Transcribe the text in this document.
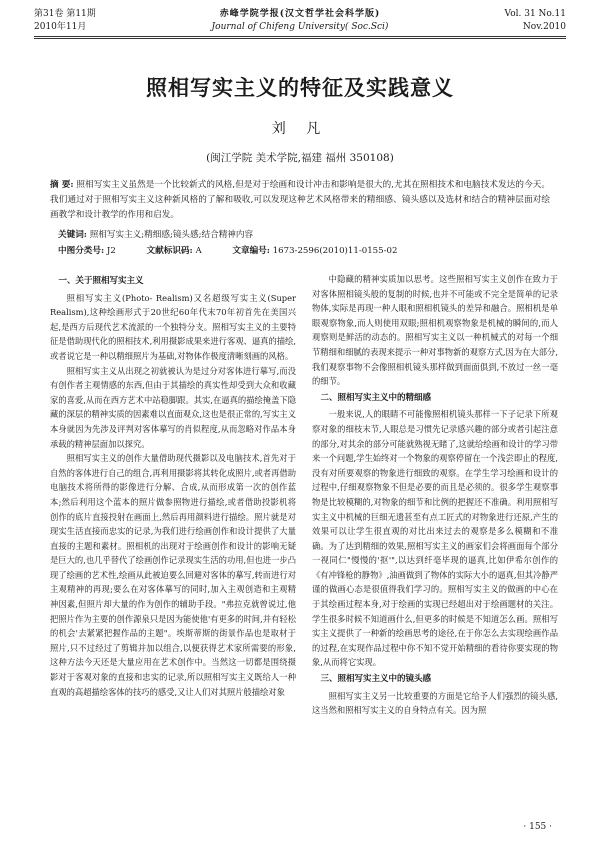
第31卷 第11期
2010年11月
赤峰学院学报(汉文哲学社会科学版)
Journal of Chifeng University( Soc.Sci)
Vol. 31 No.11
Nov.2010
照相写实主义的特征及实践意义
刘 凡
(闽江学院 美术学院,福建 福州 350108)
摘 要: 照相写实主义虽然是一个比较新式的风格,但是对于绘画和设计冲击和影响是很大的,尤其在照相技术和电脑技术发达的今天。我们通过对于照相写实主义这种新风格的了解和吸收,可以发现这种艺术风格带来的精细感、镜头感以及选材和结合的精神层面对绘画教学和设计教学的作用和启发。
关键词: 照相写实主义;精细感;镜头感;结合精神内容
中图分类号: J2	文献标识码: A	文章编号: 1673-2596(2010)11-0155-02
一、关于照相写实主义

照相写实主义(Photo- Realism)又名超级写实主义(Super Realism),这种绘画形式于20世纪60年代末70年初首先在美国兴起,是西方后现代艺术流派的一个独特分支。照相写实主义的主要特征是借助现代化的照相技术,利用摄影成果来进行客观、逼真的描绘,或者说它是一种以精细照片为基础,对物体作极度清晰刻画的风格。

照相写实主义从出现之初就被认为是过分对客体进行摹写,而没有创作者主观情感的东西,但由于其描绘的真实性却受到大众和收藏家的喜爱,从而在西方艺术中站稳脚跟。其实,在逼真的描绘掩盖下隐藏的深层的精神实质的因素难以直面观众,这也是很正常的,写实主义本身就因为先涉及评判对客体摹写的肖似程度,从而忽略对作品本身承载的精神层面加以探究。

照相写实主义的创作大量借助现代摄影以及电脑技术,首先对于自然的客体进行自己的组合,再利用摄影将其转化成照片,或者再借助电脑技术将所得的影像进行分解、合成,从而形成第一次的创作蓝本;然后利用这个蓝本的照片做参照物进行描绘,或者借助投影机将创作的底片直接投射在画面上,然后再用颜料进行描绘。照片就是对现实生活直接而忠实的记录,为我们进行绘画创作和设计提供了大量直接的主题和素材。照相机的出现对于绘画创作和设计的影响无疑是巨大的,也几乎替代了绘画创作记录现实生活的功用,但也进一步凸现了绘画的艺术性,绘画从此被迫要么回避对客体的摹写,转而进行对主观精神的再现;要么在对客体摹写的同时,加入主观创造和主观精神因素,但照片却大量的作为创作的辅助手段。"弗拉克就曾说过,他把照片作为主要的创作源泉只是因为能使他'有更多的时间,并有轻松的机会'去紧紧把握作品的主题"。埃斯蒂斯的街景作品也是取材于照片,只不过经过了剪辑并加以组合,以便获得艺术家所需要的形象,这种方法今天还是大量应用在艺术创作中。当然这一切都是围绕摄影对于客观对象的直接和忠实的记录,所以照相写实主义既给人一种直观的高超描绘客体的技巧的感受,又让人们对其照片般描绘对象

中隐藏的精神实质加以思考。这些照相写实主义创作在致力于对客体照相镜头般的复制的时候,也并不可能或不完全是简单的记录物体,实际是再现一种人眼和照相机镜头的差异和融合。照相机是单眼观察物象,而人则使用双眼;照相机观察物象是机械的瞬间的,而人观察则是鲜活的动态的。照相写实主义以一种机械式的对每一个细节精细和细腻的表现来提示一种对事物新的观察方式,因为在大部分,我们观察事物不会像照相机镜头那样做到面面俱到,不放过一丝一毫的细节。

二、照相写实主义中的精细感

一般来说,人的眼睛不可能像照相机镜头那样一下子记录下所观察对象的细枝末节,人眼总是习惯先记录感兴趣的部分或者引起注意的部分,对其余的部分可能就熟视无睹了,这就给绘画和设计的学习带来一个问题,学生始终对一个物象的观察停留在一个浅尝即止的程度,没有对所要观察的物象进行细致的观察。在学生学习绘画和设计的过程中,仔细观察物象不但是必要的而且是必须的。很多学生观察事物是比较模糊的,对物象的细节和比例的把握还不准确。利用照相写实主义中机械的巨细无遗甚至有点工匠式的对物象进行还原,产生的效果可以让学生很直观的对比出来过去的观察是多么模糊和不准确。为了达到精细的效果,照相写实主义的画家们会将画面每个部分一视同仁"慢慢的'抠'",以达到纤毫毕现的逼真,比如伊希尔创作的《有冲锋枪的静物》,油画做到了物体的实际大小的逼真,但其冷静严谨的做画心态是很值得我们学习的。照相写实主义的做画的中心在于其绘画过程本身,对于绘画的实现已经超出对于绘画题材的关注。学生很多时候不知道画什么,但更多的时候是不知道怎么画。照相写实主义提供了一种新的绘画思考的途径,在于你怎么去实现绘画作品的过程,在实现作品过程中你不知不觉开始精细的看待你要实现的物象,从而将它实现。

三、照相写实主义中的镜头感

照相写实主义另一比较重要的方面是它给予人们强烈的镜头感,这当然和照相写实主义的自身特点有关。因为照

· 155 ·
